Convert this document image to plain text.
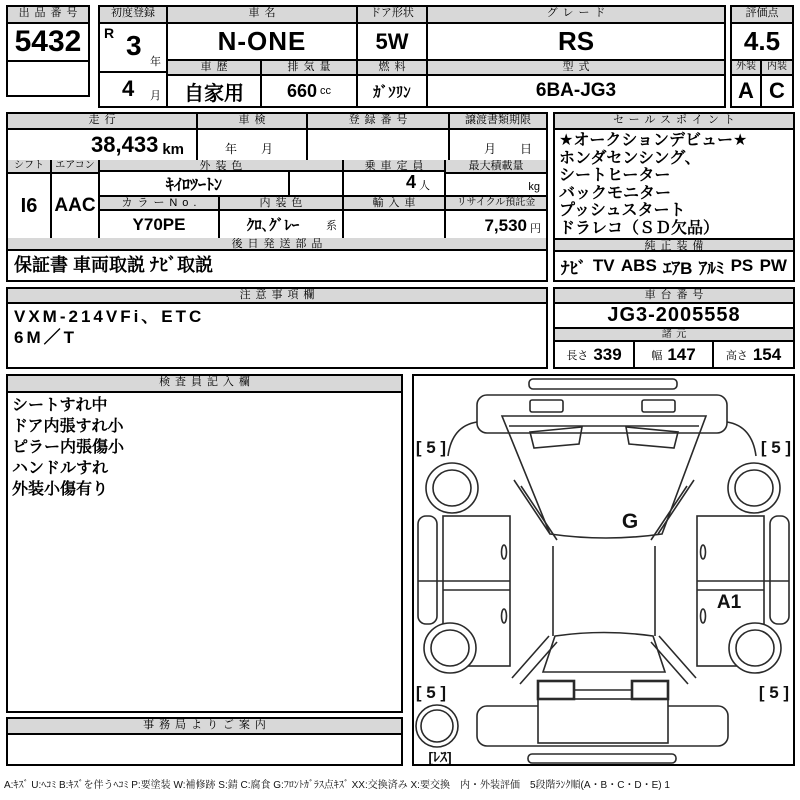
出品番号
5432
初度登録
R 3
年
4 月
車名
N-ONE
車歴
自家用
排気量
660 cc
ドア形状
5W
燃料
ｶﾞｿﾘﾝ
グレード
RS
型式
6BA-JG3
評価点
4.5
外装
A
内装
C
走行
38,433 km
車検
年　月
登録番号	譲渡書類期限
月　日
シフト
I6
エアコン
AAC
外装色
ｷｲﾛﾂｰﾄﾝ
乗車定員
4 人
最大積載量
kg
カラーNo.
Y70PE
内装色
ｸﾛ､ｸﾞﾚｰ	系
輸入車	リサイクル預託金
7,530 円
後日発送部品
保証書 車両取説 ﾅﾋﾞ取説
セールスポイント
★オークションデビュー★
ホンダセンシング、
シートヒーター
バックモニター
プッシュスタート
ドラレコ（ＳＤ欠品）
純正装備
ﾅﾋﾞ TV ABS ｴｱB ｱﾙﾐ PS PW
注意事項欄
VXM-214VFi、ETC
6M／T
車台番号
JG3-2005558
諸元
長さ 339	幅 147	高さ 154
検査員記入欄
シートすれ中
ドア内張すれ小
ピラー内張傷小
ハンドルすれ
外装小傷有り
事務局よりご案内
[ 5 ]	[ 5 ]
[ 5 ]	[ 5 ]
G
A1
[ﾚｽ]
A:ｷｽﾞ U:ﾍｺﾐ B:ｷｽﾞを伴うﾍｺﾐ P:要塗装 W:補修跡 S:錆 C:腐食 G:ﾌﾛﾝﾄｶﾞﾗｽ点ｷｽﾞ XX:交換済み X:要交換　内・外装評価　5段階ﾗﾝｸ順(A・B・C・D・E) 1
